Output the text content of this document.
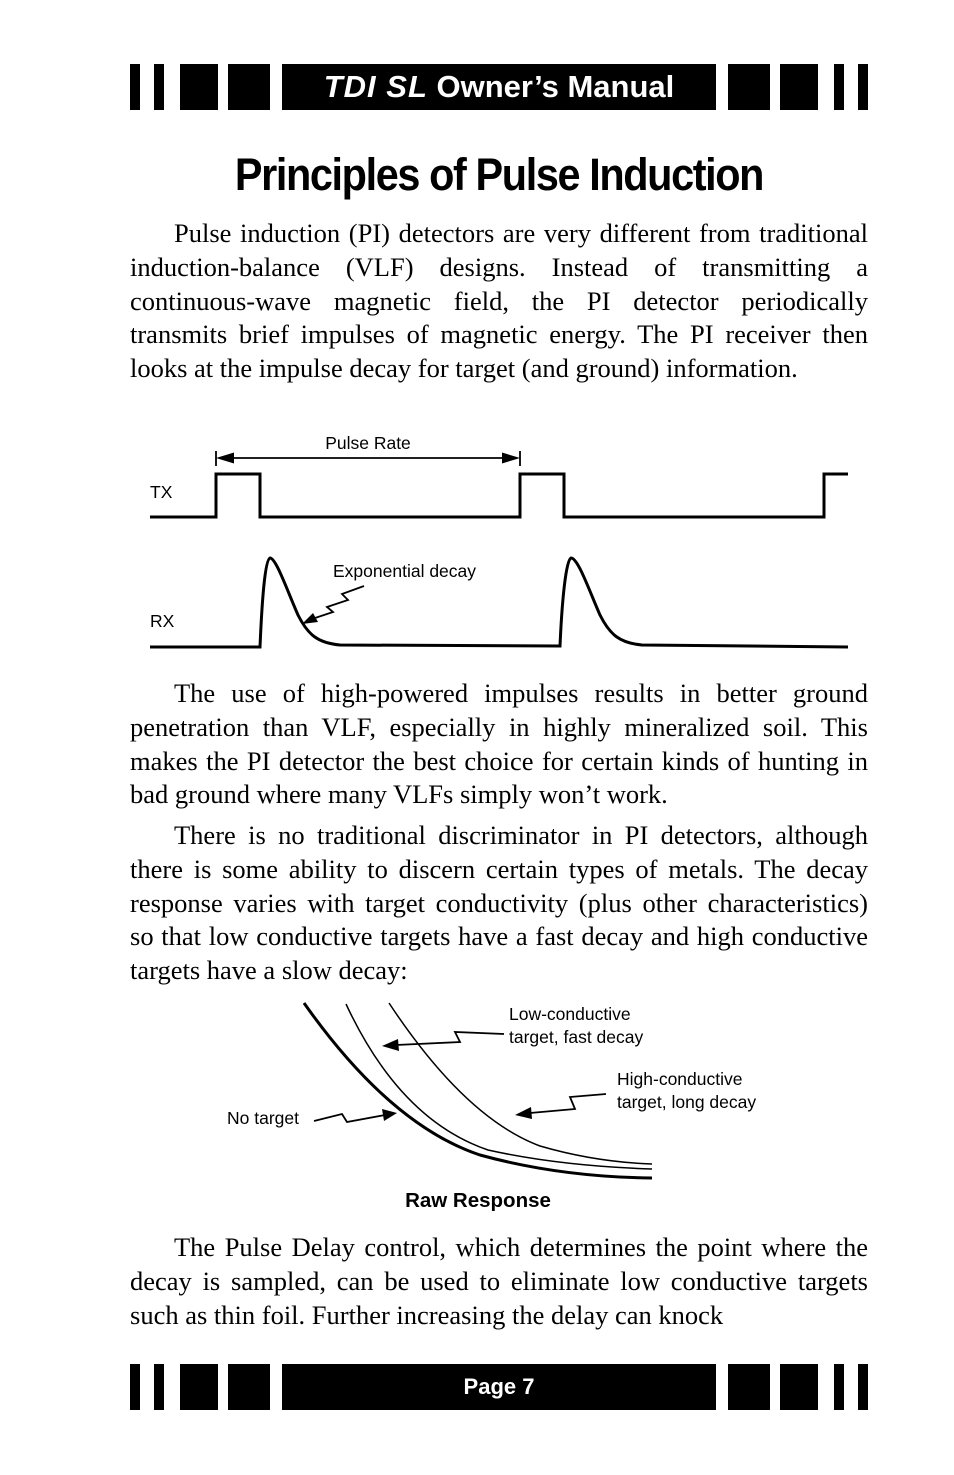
TDI SL Owner’s Manual
Principles of Pulse Induction

Pulse induction (PI) detectors are very different from traditional induction-balance (VLF) designs. Instead of transmitting a continuous-wave magnetic field, the PI detector periodically transmits brief impulses of magnetic energy. The PI receiver then looks at the impulse decay for target (and ground) information.

Pulse Rate
TX
RX
Exponential decay

The use of high-powered impulses results in better ground penetration than VLF, especially in highly mineralized soil. This makes the PI detector the best choice for certain kinds of hunting in bad ground where many VLFs simply won’t work.

There is no traditional discriminator in PI detectors, although there is some ability to discern certain types of metals. The decay response varies with target conductivity (plus other characteristics) so that low conductive targets have a fast decay and high conductive targets have a slow decay:

Low-conductive
target, fast decay
High-conductive
target, long decay
No target
Raw Response

The Pulse Delay control, which determines the point where the decay is sampled, can be used to eliminate low conductive targets such as thin foil. Further increasing the delay can knock

Page 7
